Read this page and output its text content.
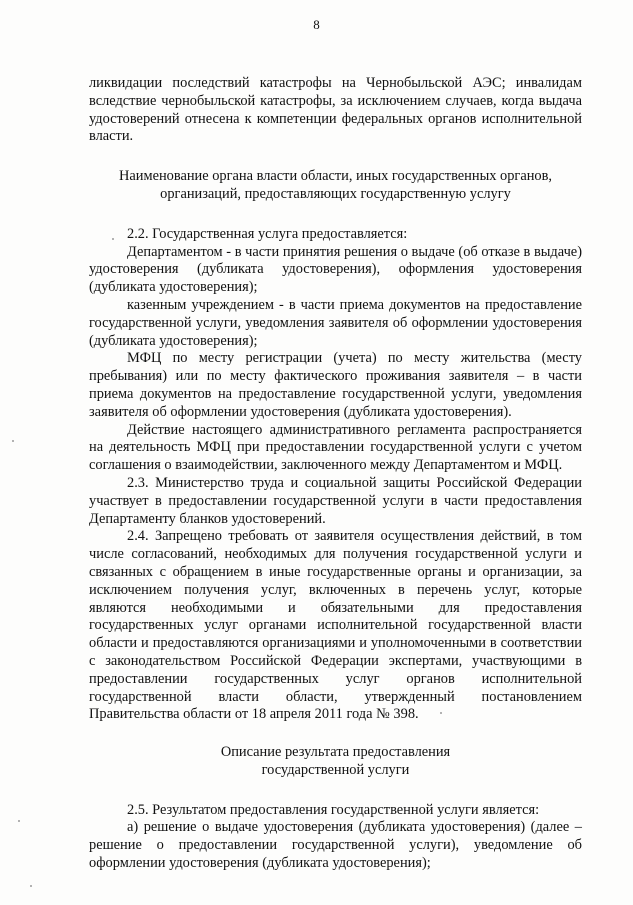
8

ликвидации последствий катастрофы на Чернобыльской АЭС; инвалидам вследствие чернобыльской катастрофы, за исключением случаев, когда выдача удостоверений отнесена к компетенции федеральных органов исполнительной власти.

Наименование органа власти области, иных государственных органов, организаций, предоставляющих государственную услугу

2.2. Государственная услуга предоставляется:

Департаментом - в части принятия решения о выдаче (об отказе в выдаче) удостоверения (дубликата удостоверения), оформления удостоверения (дубликата удостоверения);

казенным учреждением - в части приема документов на предоставление государственной услуги, уведомления заявителя об оформлении удостоверения (дубликата удостоверения);

МФЦ по месту регистрации (учета) по месту жительства (месту пребывания) или по месту фактического проживания заявителя – в части приема документов на предоставление государственной услуги, уведомления заявителя об оформлении удостоверения (дубликата удостоверения).

Действие настоящего административного регламента распространяется на деятельность МФЦ при предоставлении государственной услуги с учетом соглашения о взаимодействии, заключенного между Департаментом и МФЦ.

2.3. Министерство труда и социальной защиты Российской Федерации участвует в предоставлении государственной услуги в части предоставления Департаменту бланков удостоверений.

2.4. Запрещено требовать от заявителя осуществления действий, в том числе согласований, необходимых для получения государственной услуги и связанных с обращением в иные государственные органы и организации, за исключением получения услуг, включенных в перечень услуг, которые являются необходимыми и обязательными для предоставления государственных услуг органами исполнительной государственной власти области и предоставляются организациями и уполномоченными в соответствии с законодательством Российской Федерации экспертами, участвующими в предоставлении государственных услуг органов исполнительной государственной власти области, утвержденный постановлением Правительства области от 18 апреля 2011 года № 398.

Описание результата предоставления государственной услуги

2.5. Результатом предоставления государственной услуги является:

а) решение о выдаче удостоверения (дубликата удостоверения) (далее – решение о предоставлении государственной услуги), уведомление об оформлении удостоверения (дубликата удостоверения);
